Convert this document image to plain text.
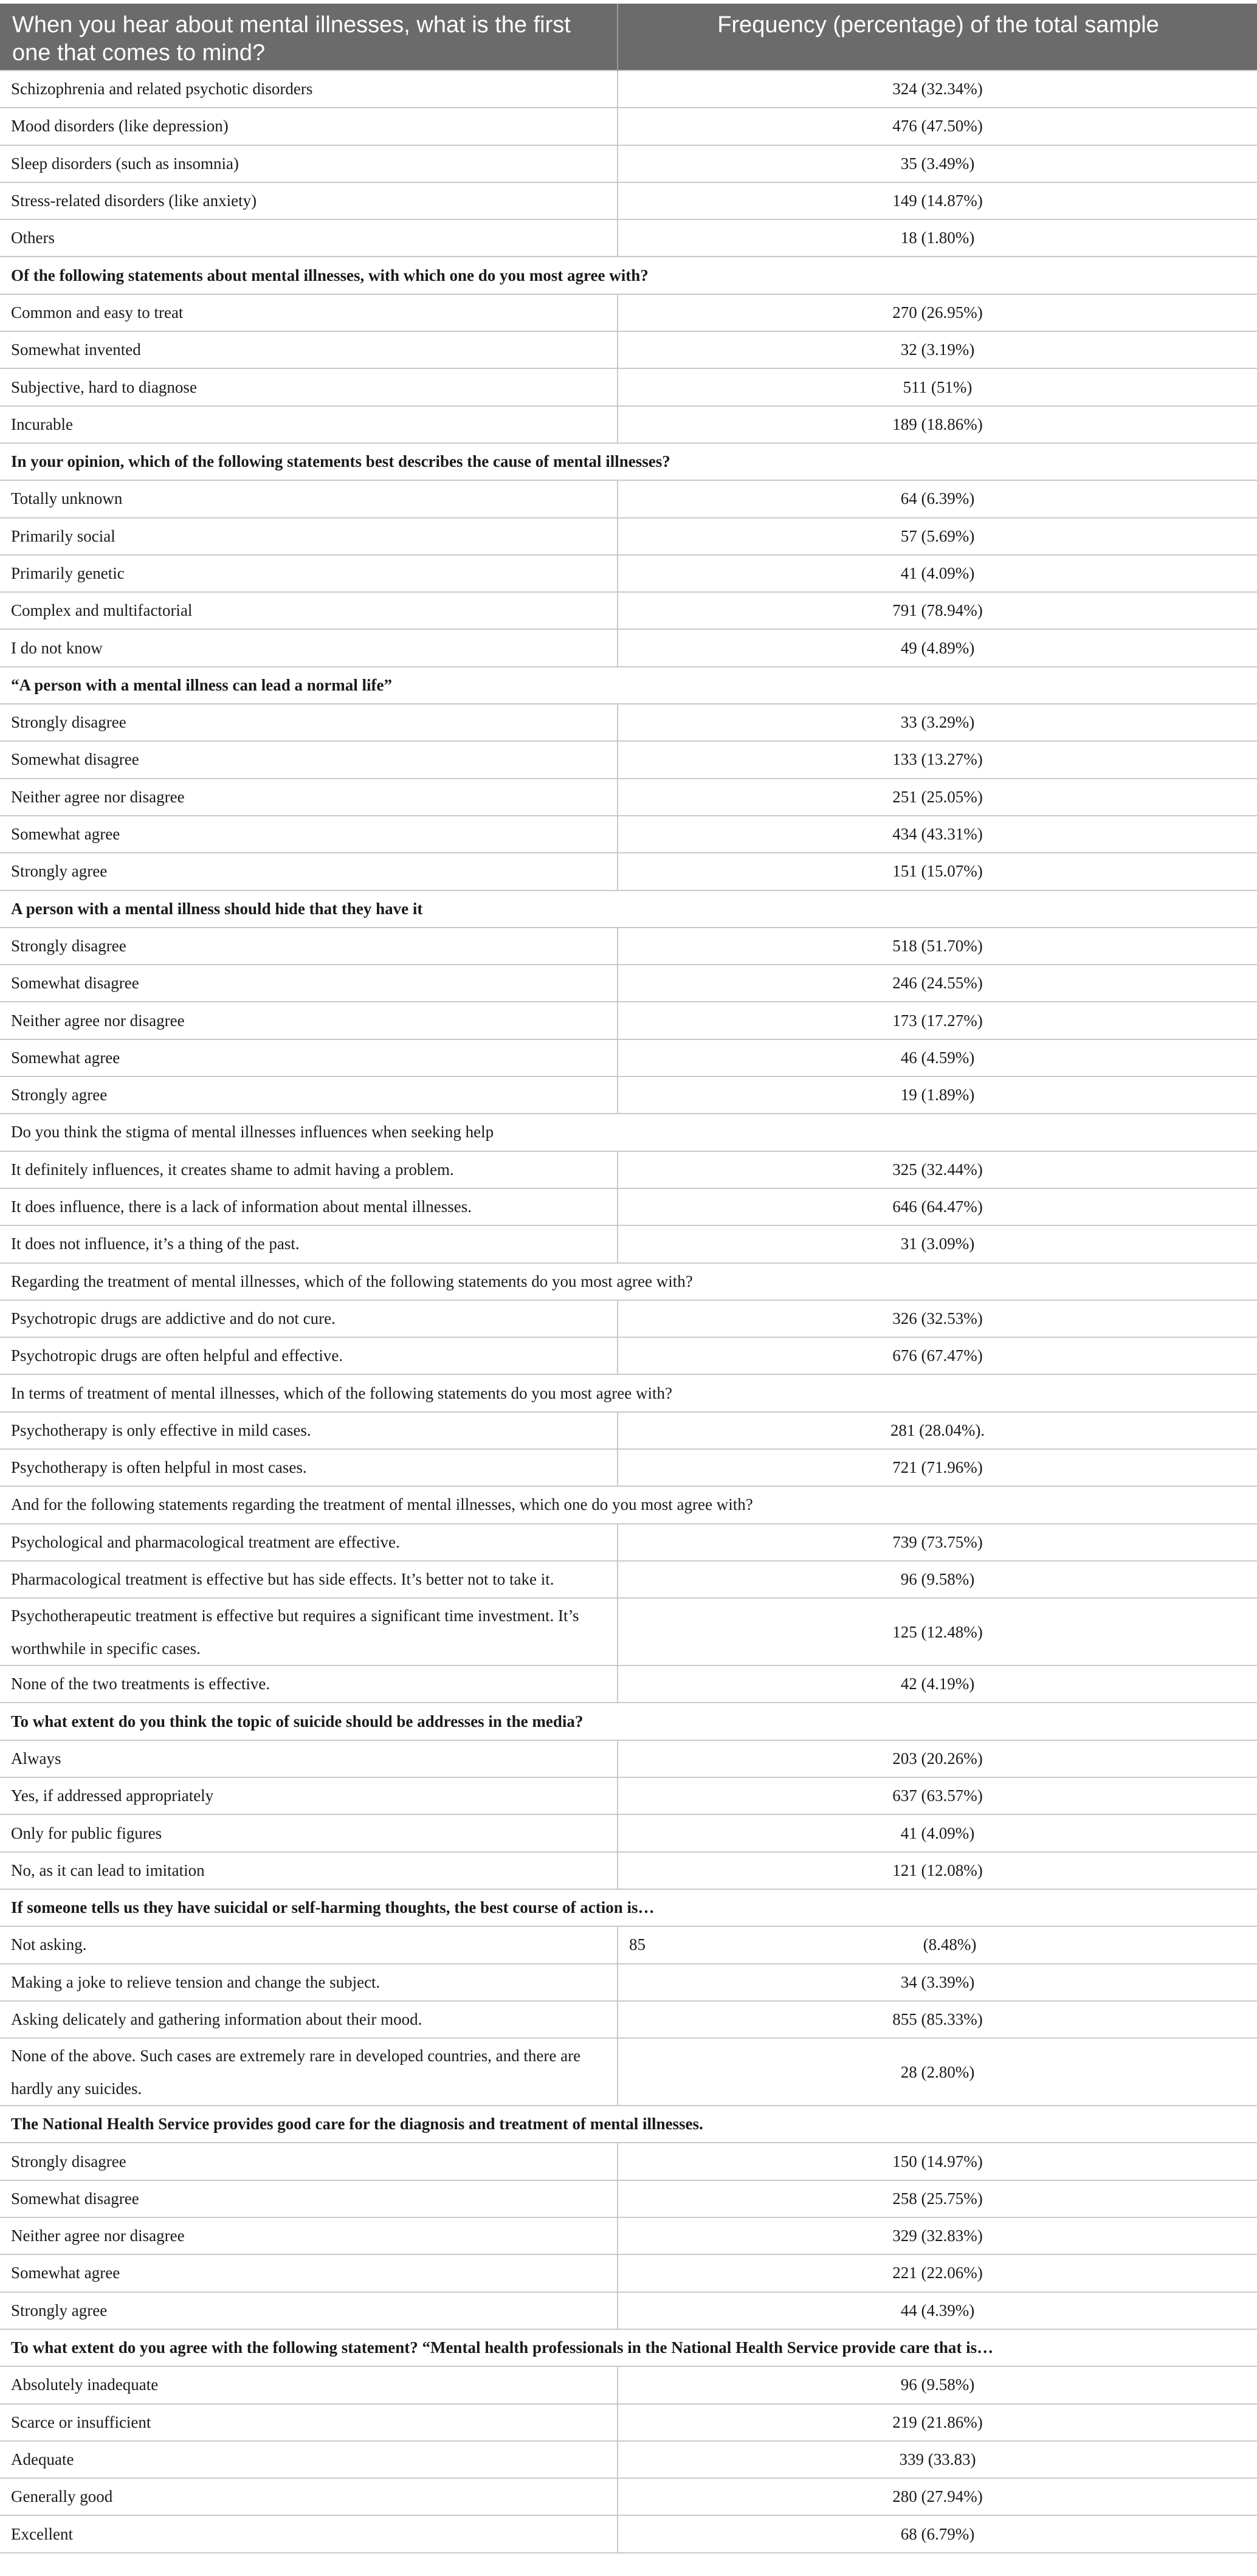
When you hear about mental illnesses, what is the first one that comes to mind?	Frequency (percentage) of the total sample
Schizophrenia and related psychotic disorders	324 (32.34%)
Mood disorders (like depression)	476 (47.50%)
Sleep disorders (such as insomnia)	35 (3.49%)
Stress-related disorders (like anxiety)	149 (14.87%)
Others	18 (1.80%)
Of the following statements about mental illnesses, with which one do you most agree with?	
Common and easy to treat	270 (26.95%)
Somewhat invented	32 (3.19%)
Subjective, hard to diagnose	511 (51%)
Incurable	189 (18.86%)
In your opinion, which of the following statements best describes the cause of mental illnesses?	
Totally unknown	64 (6.39%)
Primarily social	57 (5.69%)
Primarily genetic	41 (4.09%)
Complex and multifactorial	791 (78.94%)
I do not know	49 (4.89%)
“A person with a mental illness can lead a normal life”	
Strongly disagree	33 (3.29%)
Somewhat disagree	133 (13.27%)
Neither agree nor disagree	251 (25.05%)
Somewhat agree	434 (43.31%)
Strongly agree	151 (15.07%)
A person with a mental illness should hide that they have it	
Strongly disagree	518 (51.70%)
Somewhat disagree	246 (24.55%)
Neither agree nor disagree	173 (17.27%)
Somewhat agree	46 (4.59%)
Strongly agree	19 (1.89%)
Do you think the stigma of mental illnesses influences when seeking help	
It definitely influences, it creates shame to admit having a problem.	325 (32.44%)
It does influence, there is a lack of information about mental illnesses.	646 (64.47%)
It does not influence, it’s a thing of the past.	31 (3.09%)
Regarding the treatment of mental illnesses, which of the following statements do you most agree with?	
Psychotropic drugs are addictive and do not cure.	326 (32.53%)
Psychotropic drugs are often helpful and effective.	676 (67.47%)
In terms of treatment of mental illnesses, which of the following statements do you most agree with?	
Psychotherapy is only effective in mild cases.	281 (28.04%).
Psychotherapy is often helpful in most cases.	721 (71.96%)
And for the following statements regarding the treatment of mental illnesses, which one do you most agree with?	
Psychological and pharmacological treatment are effective.	739 (73.75%)
Pharmacological treatment is effective but has side effects. It’s better not to take it.	96 (9.58%)
Psychotherapeutic treatment is effective but requires a significant time investment. It’s worthwhile in specific cases.	125 (12.48%)
None of the two treatments is effective.	42 (4.19%)
To what extent do you think the topic of suicide should be addresses in the media?	
Always	203 (20.26%)
Yes, if addressed appropriately	637 (63.57%)
Only for public figures	41 (4.09%)
No, as it can lead to imitation	121 (12.08%)
If someone tells us they have suicidal or self-harming thoughts, the best course of action is…	
Not asking.	85 (8.48%)

Making a joke to relieve tension and change the subject.	34 (3.39%)
Asking delicately and gathering information about their mood.	855 (85.33%)
None of the above. Such cases are extremely rare in developed countries, and there are hardly any suicides.	28 (2.80%)
The National Health Service provides good care for the diagnosis and treatment of mental illnesses.	
Strongly disagree	150 (14.97%)
Somewhat disagree	258 (25.75%)
Neither agree nor disagree	329 (32.83%)
Somewhat agree	221 (22.06%)
Strongly agree	44 (4.39%)
To what extent do you agree with the following statement? “Mental health professionals in the National Health Service provide care that is…	
Absolutely inadequate	96 (9.58%)
Scarce or insufficient	219 (21.86%)
Adequate	339 (33.83)
Generally good	280 (27.94%)
Excellent	68 (6.79%)
